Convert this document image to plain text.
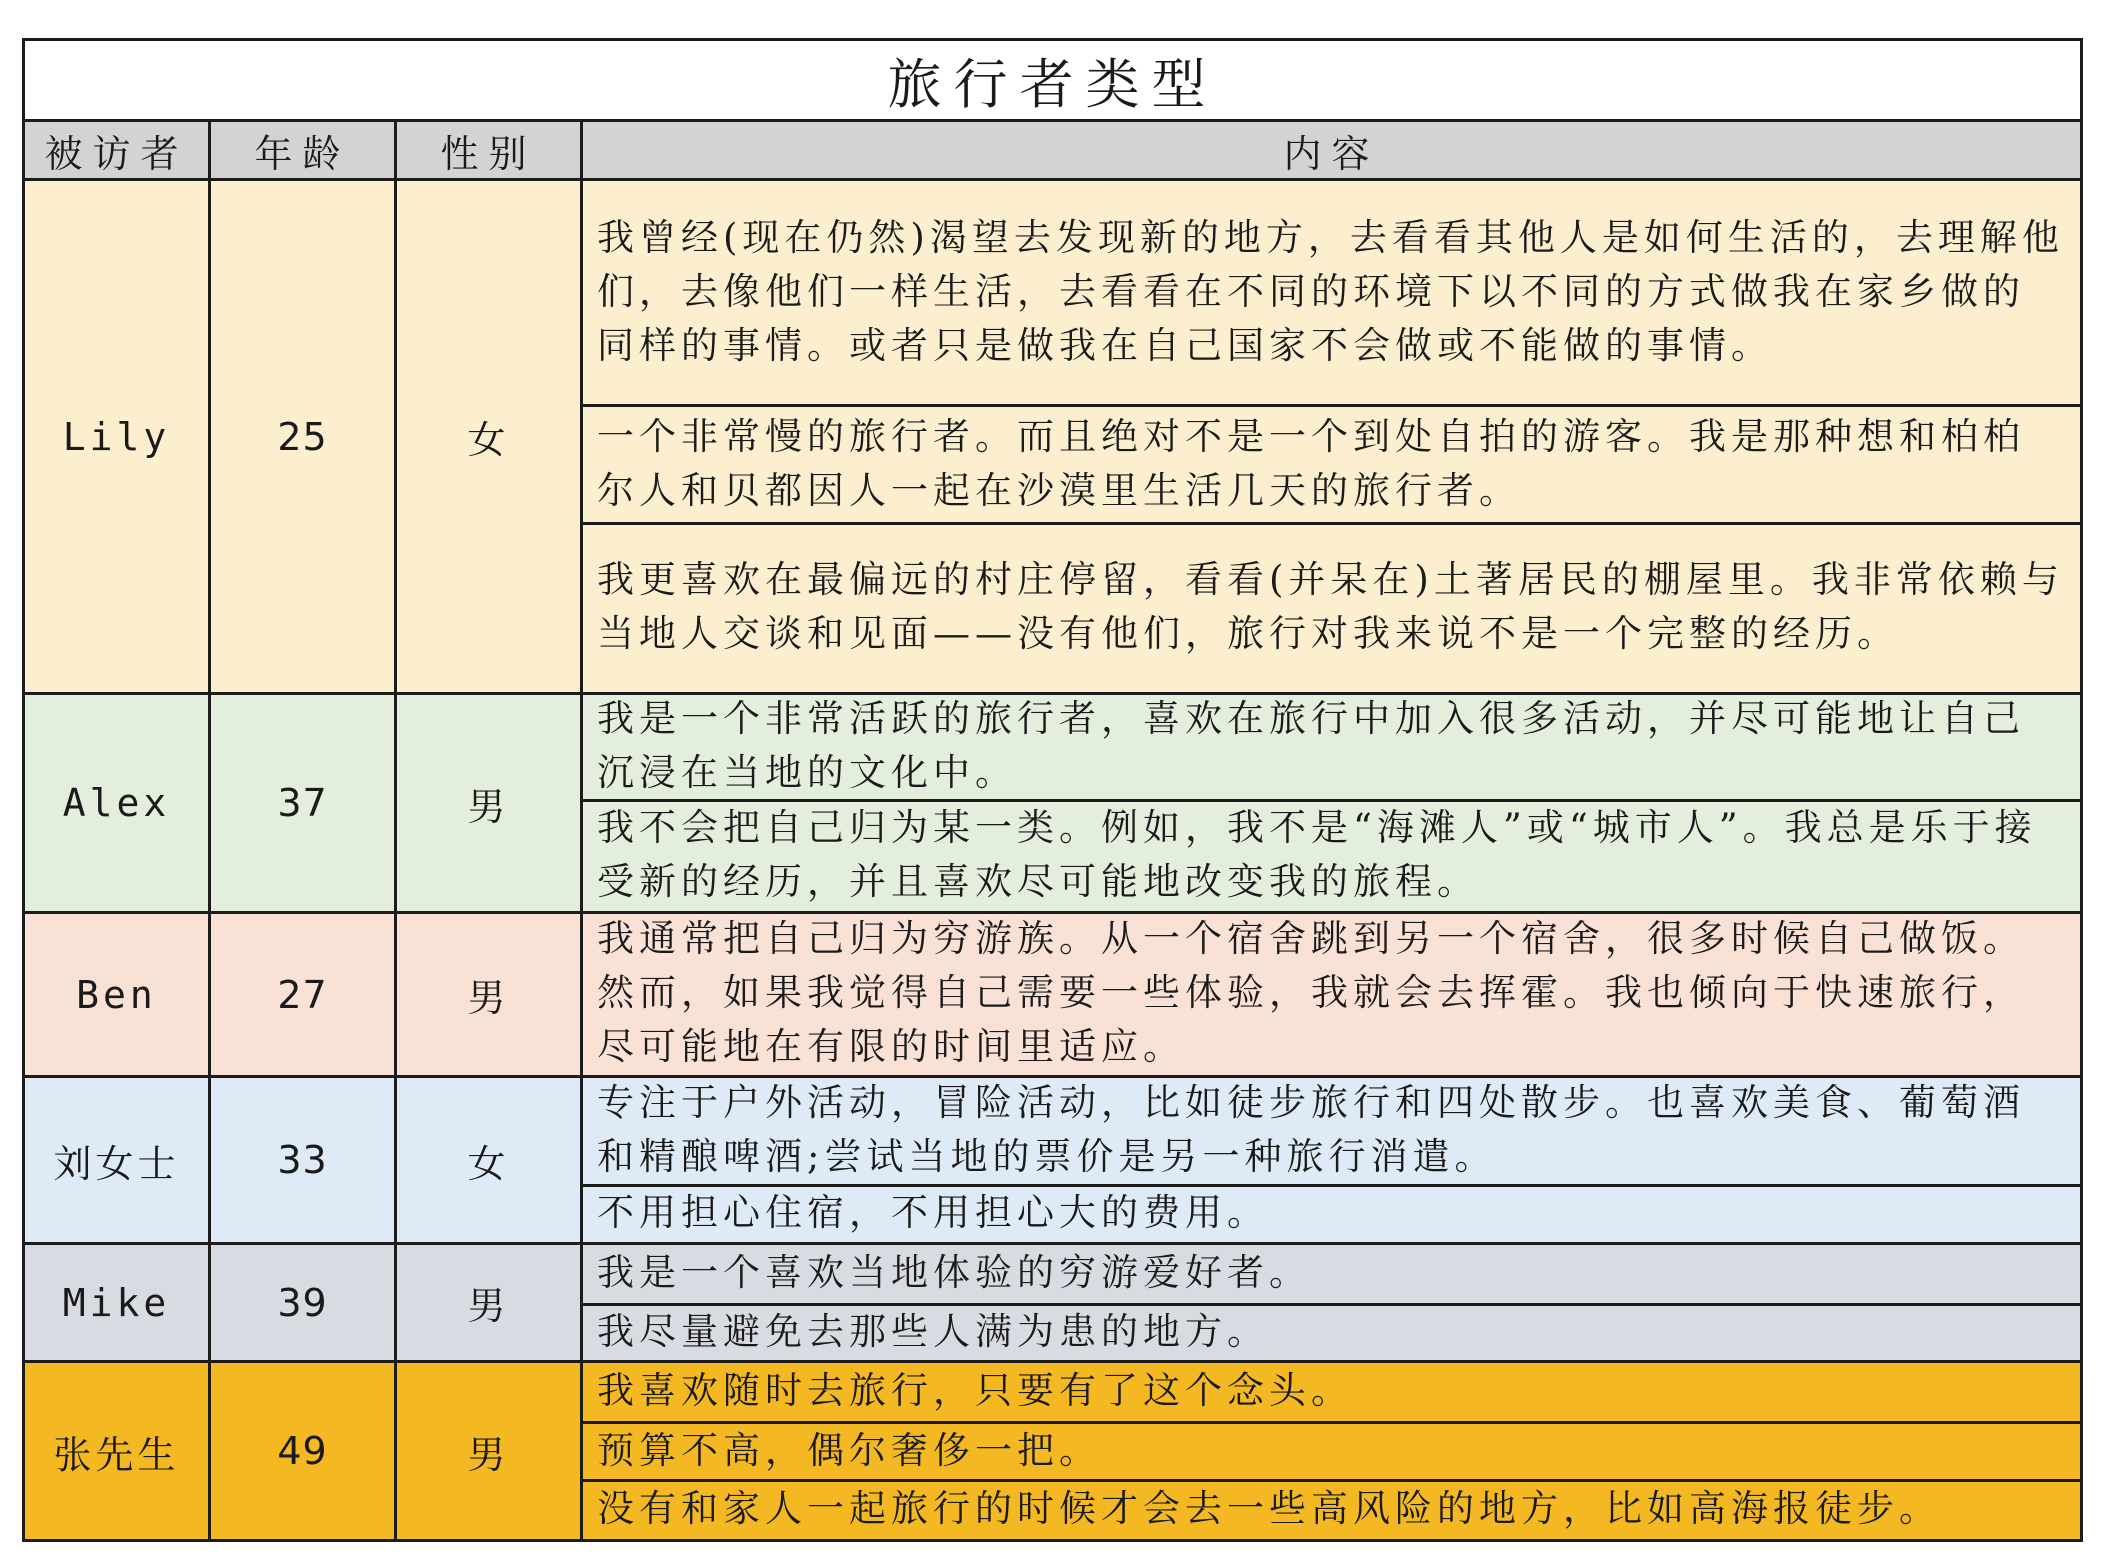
旅行者类型			
被访者	年龄	性别	内容
Lily	25	女	我曾经(现在仍然)渴望去发现新的地方，去看看其他人是如何生活的，去理解他们，去像他们一样生活，去看看在不同的环境下以不同的方式做我在家乡做的同样的事情。或者只是做我在自己国家不会做或不能做的事情。
一个非常慢的旅行者。而且绝对不是一个到处自拍的游客。我是那种想和柏柏尔人和贝都因人一起在沙漠里生活几天的旅行者。
我更喜欢在最偏远的村庄停留，看看(并呆在)土著居民的棚屋里。我非常依赖与当地人交谈和见面——没有他们，旅行对我来说不是一个完整的经历。

Alex	37	男	我是一个非常活跃的旅行者，喜欢在旅行中加入很多活动，并尽可能地让自己沉浸在当地的文化中。
我不会把自己归为某一类。例如，我不是“海滩人”或“城市人”。我总是乐于接受新的经历，并且喜欢尽可能地改变我的旅程。

Ben	27	男	我通常把自己归为穷游族。从一个宿舍跳到另一个宿舍，很多时候自己做饭。然而，如果我觉得自己需要一些体验，我就会去挥霍。我也倾向于快速旅行，尽可能地在有限的时间里适应。

刘女士	33	女	专注于户外活动，冒险活动，比如徒步旅行和四处散步。也喜欢美食、葡萄酒和精酿啤酒;尝试当地的票价是另一种旅行消遣。
不用担心住宿，不用担心大的费用。

Mike	39	男	我是一个喜欢当地体验的穷游爱好者。
我尽量避免去那些人满为患的地方。

张先生	49	男	我喜欢随时去旅行，只要有了这个念头。
预算不高，偶尔奢侈一把。
没有和家人一起旅行的时候才会去一些高风险的地方，比如高海报徒步。
